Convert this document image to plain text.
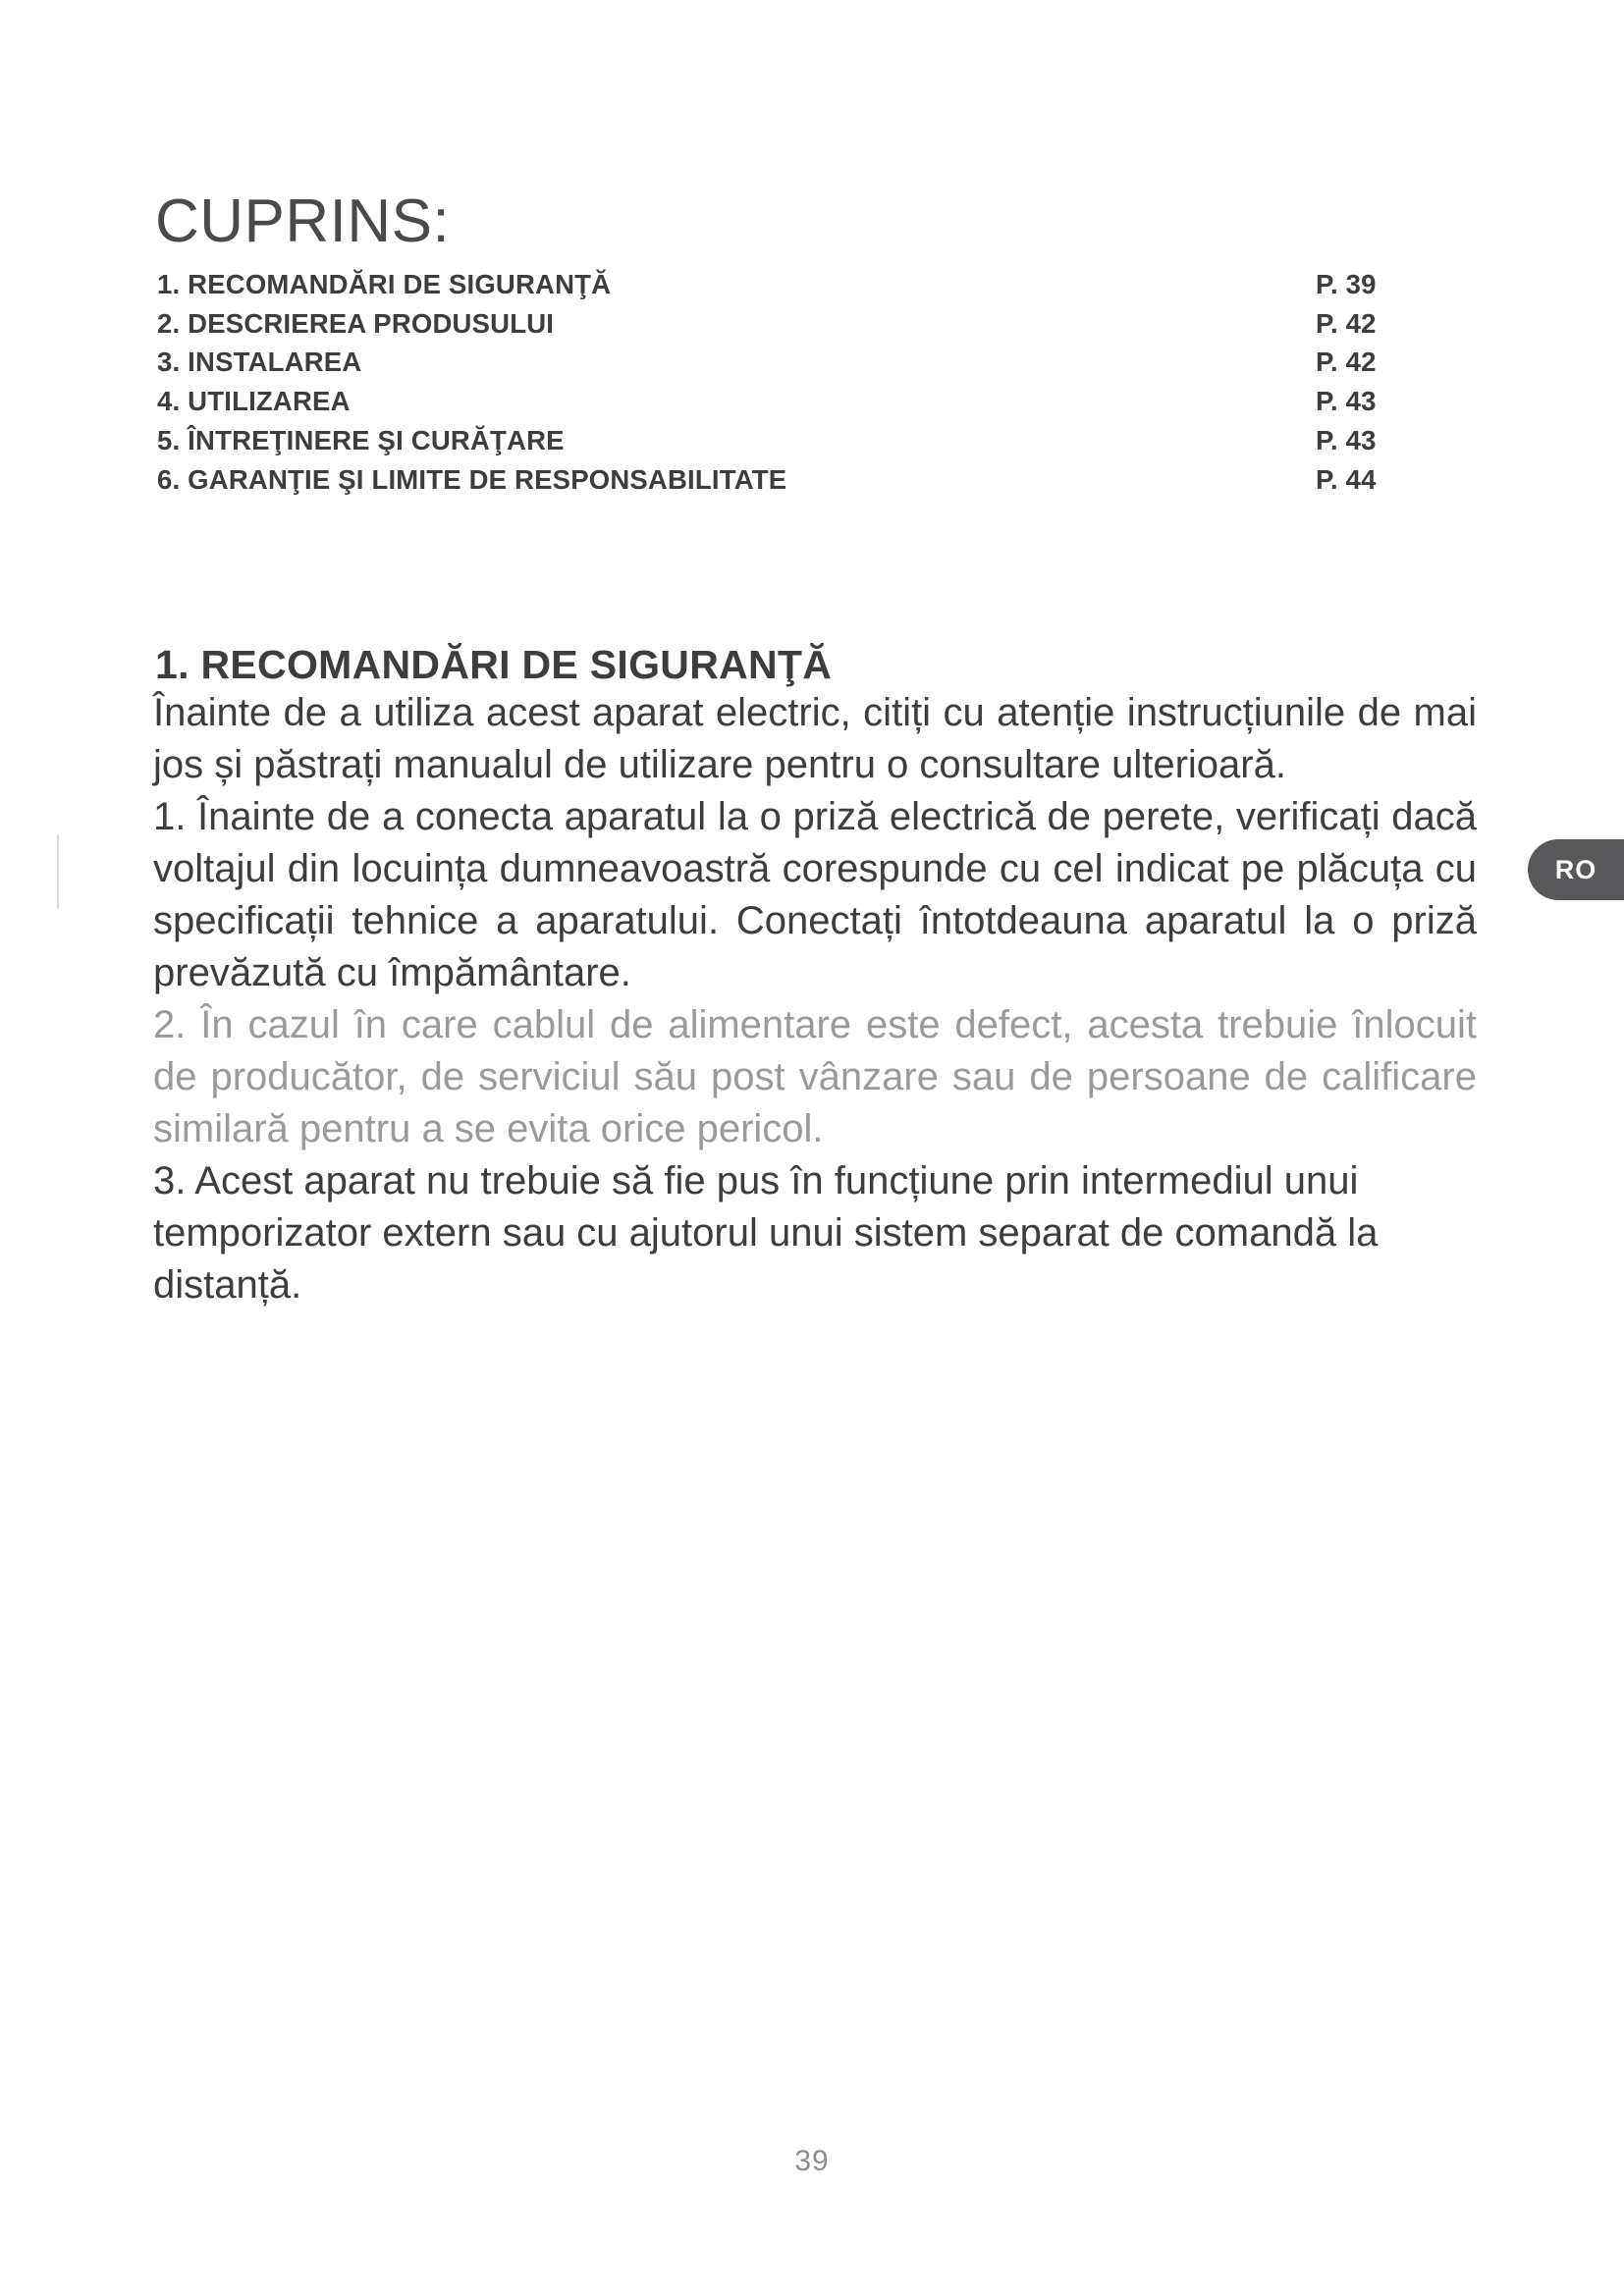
CUPRINS:
1. RECOMANDĂRI DE SIGURANŢĂ	P. 39
2. DESCRIEREA PRODUSULUI	P. 42
3. INSTALAREA	P. 42
4. UTILIZAREA	P. 43
5. ÎNTREŢINERE ŞI CURĂŢARE	P. 43
6. GARANŢIE ŞI LIMITE DE RESPONSABILITATE	P. 44
1. RECOMANDĂRI DE SIGURANŢĂ

Înainte de a utiliza acest aparat electric, citiți cu atenție instrucțiunile de mai jos și păstrați manualul de utilizare pentru o consultare ulterioară.

1. Înainte de a conecta aparatul la o priză electrică de perete, verificați dacă voltajul din locuința dumneavoastră corespunde cu cel indicat pe plăcuța cu specificații tehnice a aparatului. Conectați întotdeauna aparatul la o priză prevăzută cu împământare.

2. În cazul în care cablul de alimentare este defect, acesta trebuie înlocuit de producător, de serviciul său post vânzare sau de persoane de calificare similară pentru a se evita orice pericol.

3. Acest aparat nu trebuie să fie pus în funcțiune prin intermediul unui temporizator extern sau cu ajutorul unui sistem separat de comandă la distanță.

RO
39
